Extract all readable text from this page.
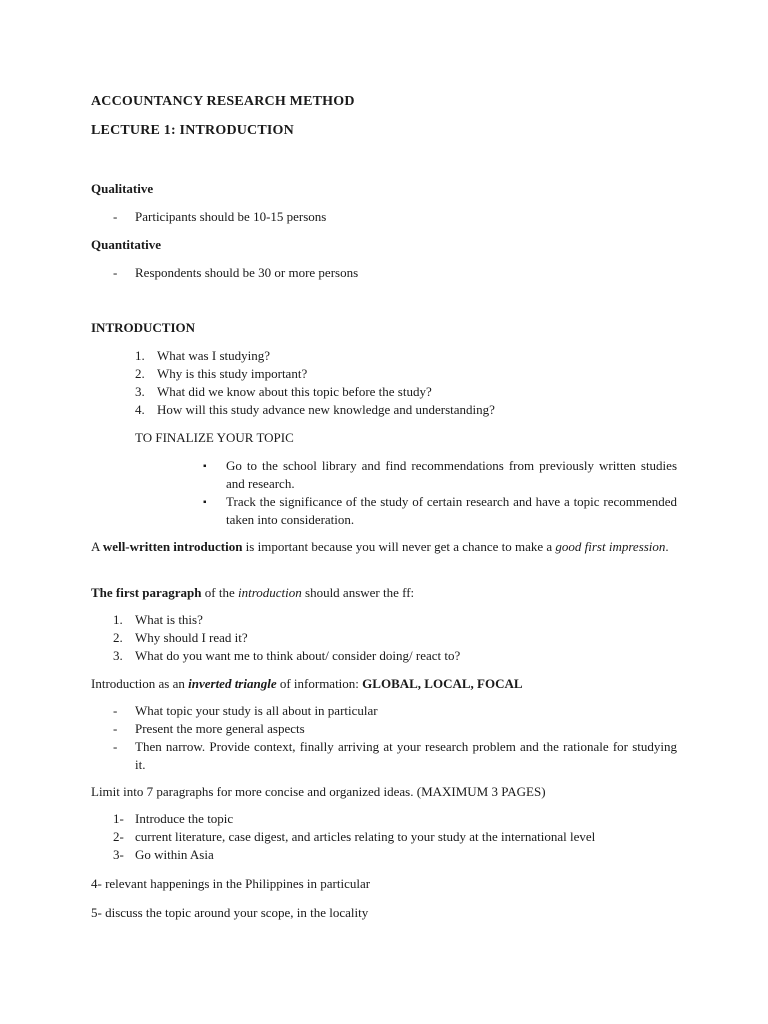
ACCOUNTANCY RESEARCH METHOD
LECTURE 1: INTRODUCTION
Qualitative
- Participants should be 10-15 persons
Quantitative
- Respondents should be 30 or more persons
INTRODUCTION
1. What was I studying?
2. Why is this study important?
3. What did we know about this topic before the study?
4. How will this study advance new knowledge and understanding?
TO FINALIZE YOUR TOPIC
▪ Go to the school library and find recommendations from previously written studies and research.
▪ Track the significance of the study of certain research and have a topic recommended taken into consideration.
A well-written introduction is important because you will never get a chance to make a good first impression.
The first paragraph of the introduction should answer the ff:
1. What is this?
2. Why should I read it?
3. What do you want me to think about/ consider doing/ react to?
Introduction as an inverted triangle of information: GLOBAL, LOCAL, FOCAL
- What topic your study is all about in particular
- Present the more general aspects
- Then narrow. Provide context, finally arriving at your research problem and the rationale for studying it.
Limit into 7 paragraphs for more concise and organized ideas. (MAXIMUM 3 PAGES)
1- Introduce the topic
2- current literature, case digest, and articles relating to your study at the international level
3- Go within Asia
4- relevant happenings in the Philippines in particular
5- discuss the topic around your scope, in the locality
